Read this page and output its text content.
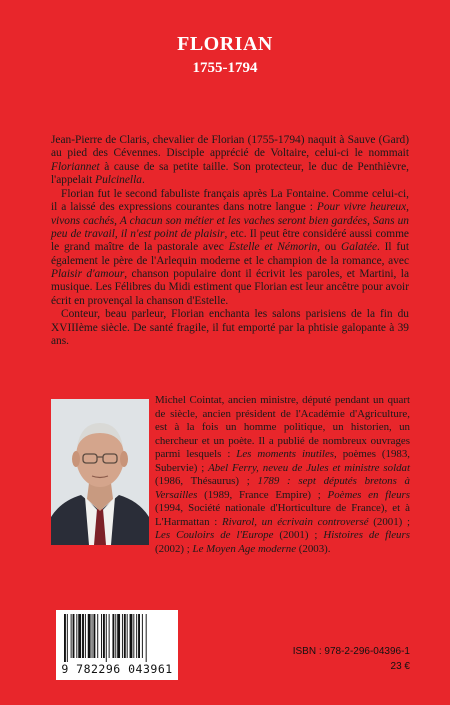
FLORIAN
1755-1794

Jean-Pierre de Claris, chevalier de Florian (1755-1794) naquit à Sauve (Gard) au pied des Cévennes. Disciple apprécié de Voltaire, celui-ci le nommait Floriannet à cause de sa petite taille. Son protecteur, le duc de Penthièvre, l'appelait Pulcinella.

Florian fut le second fabuliste français après La Fontaine. Comme celui-ci, il a laissé des expressions courantes dans notre langue : Pour vivre heureux, vivons cachés, A chacun son métier et les vaches seront bien gardées, Sans un peu de travail, il n'est point de plaisir, etc. Il peut être considéré aussi comme le grand maître de la pastorale avec Estelle et Némorin, ou Galatée. Il fut également le père de l'Arlequin moderne et le champion de la romance, avec Plaisir d'amour, chanson populaire dont il écrivit les paroles, et Martini, la musique. Les Félibres du Midi estiment que Florian est leur ancêtre pour avoir écrit en provençal la chanson d'Estelle.

Conteur, beau parleur, Florian enchanta les salons parisiens de la fin du XVIIIème siècle. De santé fragile, il fut emporté par la phtisie galopante à 39 ans.

Michel Cointat, ancien ministre, député pendant un quart de siècle, ancien président de l'Académie d'Agriculture, est à la fois un homme politique, un historien, un chercheur et un poète. Il a publié de nombreux ouvrages parmi lesquels : Les moments inutiles, poèmes (1983, Subervie) ; Abel Ferry, neveu de Jules et ministre soldat (1986, Thésaurus) ; 1789 : sept députés bretons à Versailles (1989, France Empire) ; Poèmes en fleurs (1994, Société nationale d'Horticulture de France), et à L'Harmattan : Rivarol, un écrivain controversé (2001) ; Les Couloirs de l'Europe (2001) ; Histoires de fleurs (2002) ; Le Moyen Age moderne (2003).

9 782296 043961
ISBN : 978-2-296-04396-1
23 €
